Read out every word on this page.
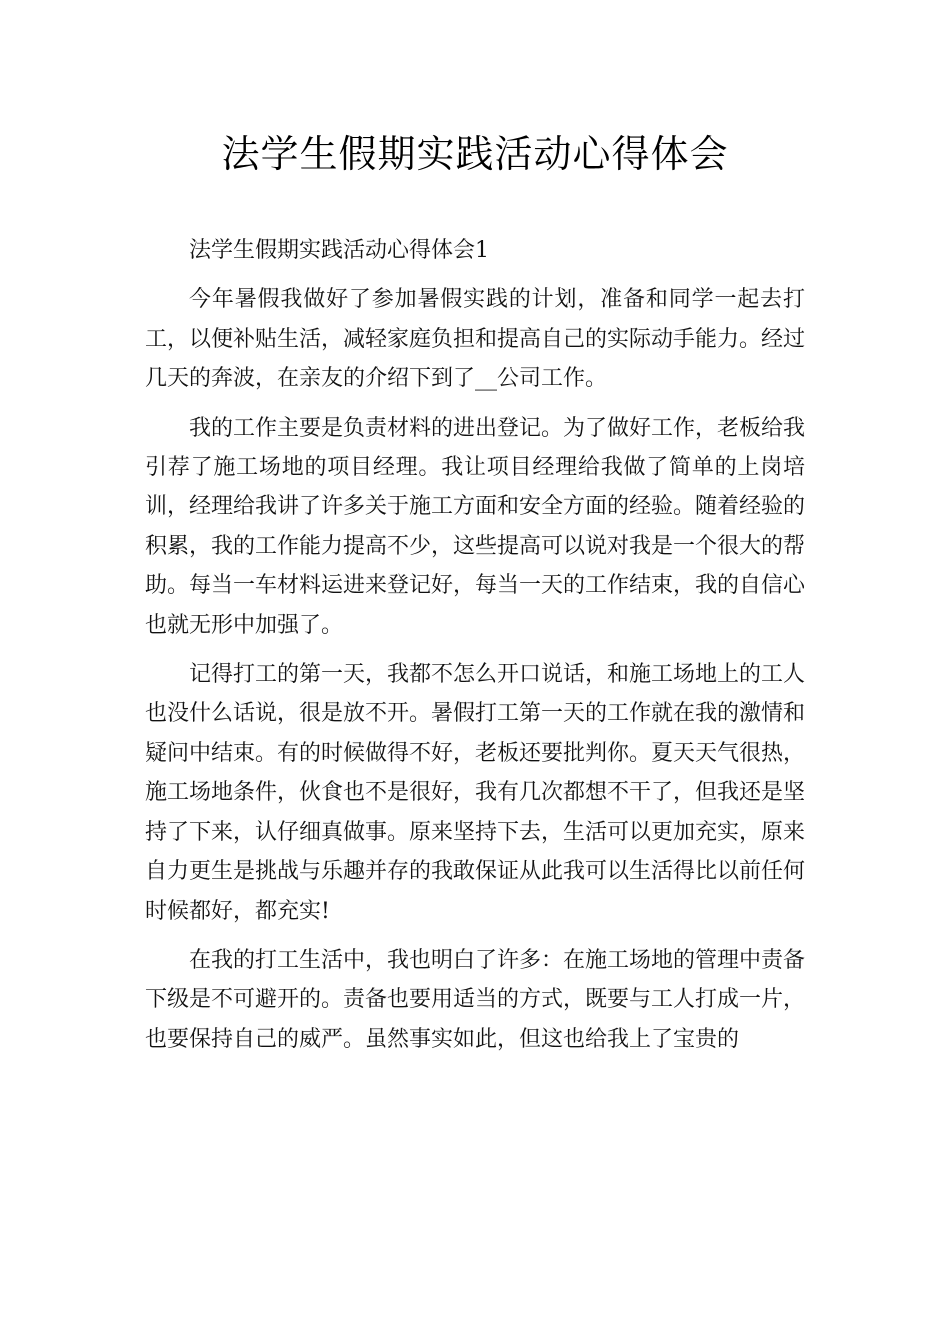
法学生假期实践活动心得体会

法学生假期实践活动心得体会1

今年暑假我做好了参加暑假实践的计划，准备和同学一起去打工，以便补贴生活，减轻家庭负担和提高自己的实际动手能力。经过几天的奔波，在亲友的介绍下到了__公司工作。

我的工作主要是负责材料的进出登记。为了做好工作，老板给我引荐了施工场地的项目经理。我让项目经理给我做了简单的上岗培训，经理给我讲了许多关于施工方面和安全方面的经验。随着经验的积累，我的工作能力提高不少，这些提高可以说对我是一个很大的帮助。每当一车材料运进来登记好，每当一天的工作结束，我的自信心也就无形中加强了。

记得打工的第一天，我都不怎么开口说话，和施工场地上的工人也没什么话说，很是放不开。暑假打工第一天的工作就在我的激情和疑问中结束。有的时候做得不好，老板还要批判你。夏天天气很热，施工场地条件，伙食也不是很好，我有几次都想不干了，但我还是坚持了下来，认仔细真做事。原来坚持下去，生活可以更加充实，原来自力更生是挑战与乐趣并存的我敢保证从此我可以生活得比以前任何时候都好，都充实!

在我的打工生活中，我也明白了许多：在施工场地的管理中责备下级是不可避开的。责备也要用适当的方式，既要与工人打成一片，也要保持自己的威严。虽然事实如此，但这也给我上了宝贵的
